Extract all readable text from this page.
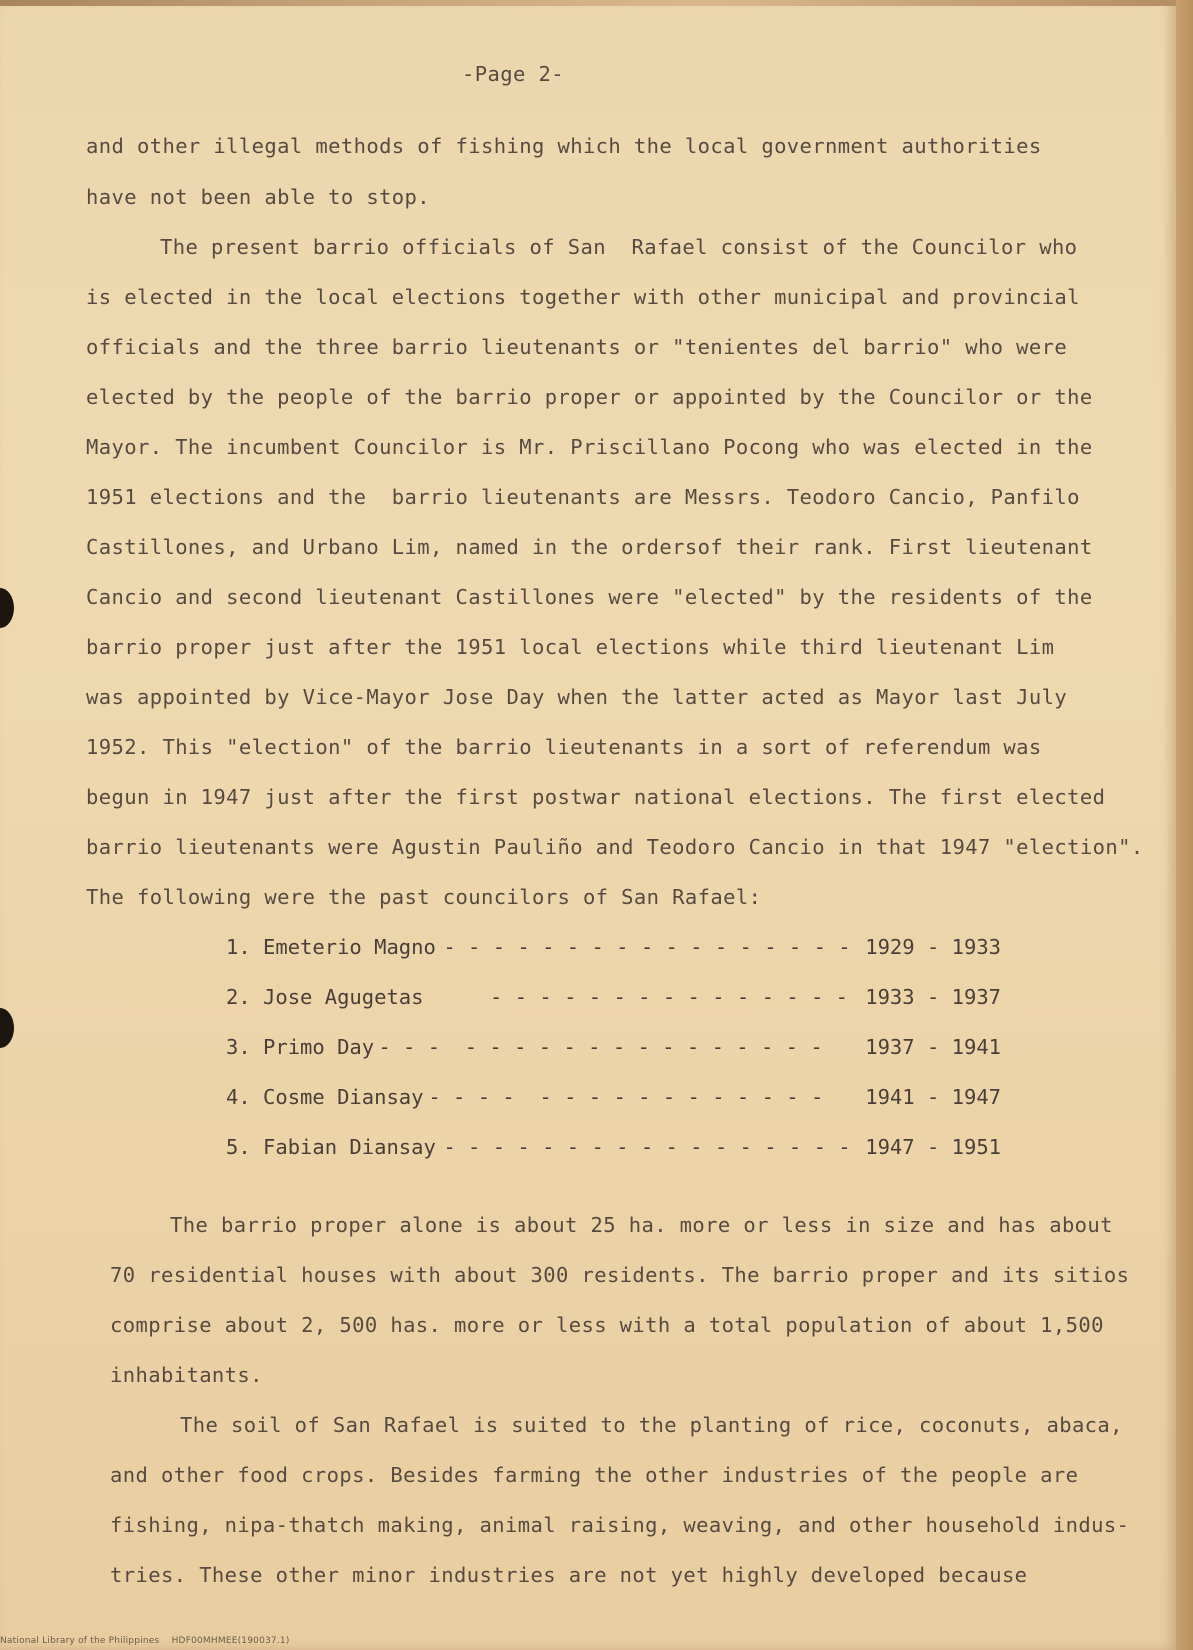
-Page 2-
and other illegal methods of fishing which the local government authorities
have not been able to stop.
The present barrio officials of San  Rafael consist of the Councilor who
is elected in the local elections together with other municipal and provincial
officials and the three barrio lieutenants or "tenientes del barrio" who were
elected by the people of the barrio proper or appointed by the Councilor or the
Mayor. The incumbent Councilor is Mr. Priscillano Pocong who was elected in the
1951 elections and the  barrio lieutenants are Messrs. Teodoro Cancio, Panfilo
Castillones, and Urbano Lim, named in the ordersof their rank. First lieutenant
Cancio and second lieutenant Castillones were "elected" by the residents of the
barrio proper just after the 1951 local elections while third lieutenant Lim
was appointed by Vice-Mayor Jose Day when the latter acted as Mayor last July
1952. This "election" of the barrio lieutenants in a sort of referendum was
begun in 1947 just after the first postwar national elections. The first elected
barrio lieutenants were Agustin Pauliño and Teodoro Cancio in that 1947 "election".
The following were the past councilors of San Rafael:
1. Emeterio Magno
- - - - - - - - - - - - - - - - - 1929 - 1933
2. Jose Agugetas
- - - - - - - - - - - - - - - 1933 - 1937
3. Primo Day
- - -  - - - - - - - - - - - - - - - 1937 - 1941
4. Cosme Diansay
- - - -  - - - - - - - - - - - - 1941 - 1947
5. Fabian Diansay
- - - - - - - - - - - - - - - - - 1947 - 1951
The barrio proper alone is about 25 ha. more or less in size and has about
70 residential houses with about 300 residents. The barrio proper and its sitios
comprise about 2, 500 has. more or less with a total population of about 1,500
inhabitants.
The soil of San Rafael is suited to the planting of rice, coconuts, abaca,
and other food crops. Besides farming the other industries of the people are
fishing, nipa-thatch making, animal raising, weaving, and other household indus-
tries. These other minor industries are not yet highly developed because
National Library of the Philippines    HDF00MHMEE(190037.1)
